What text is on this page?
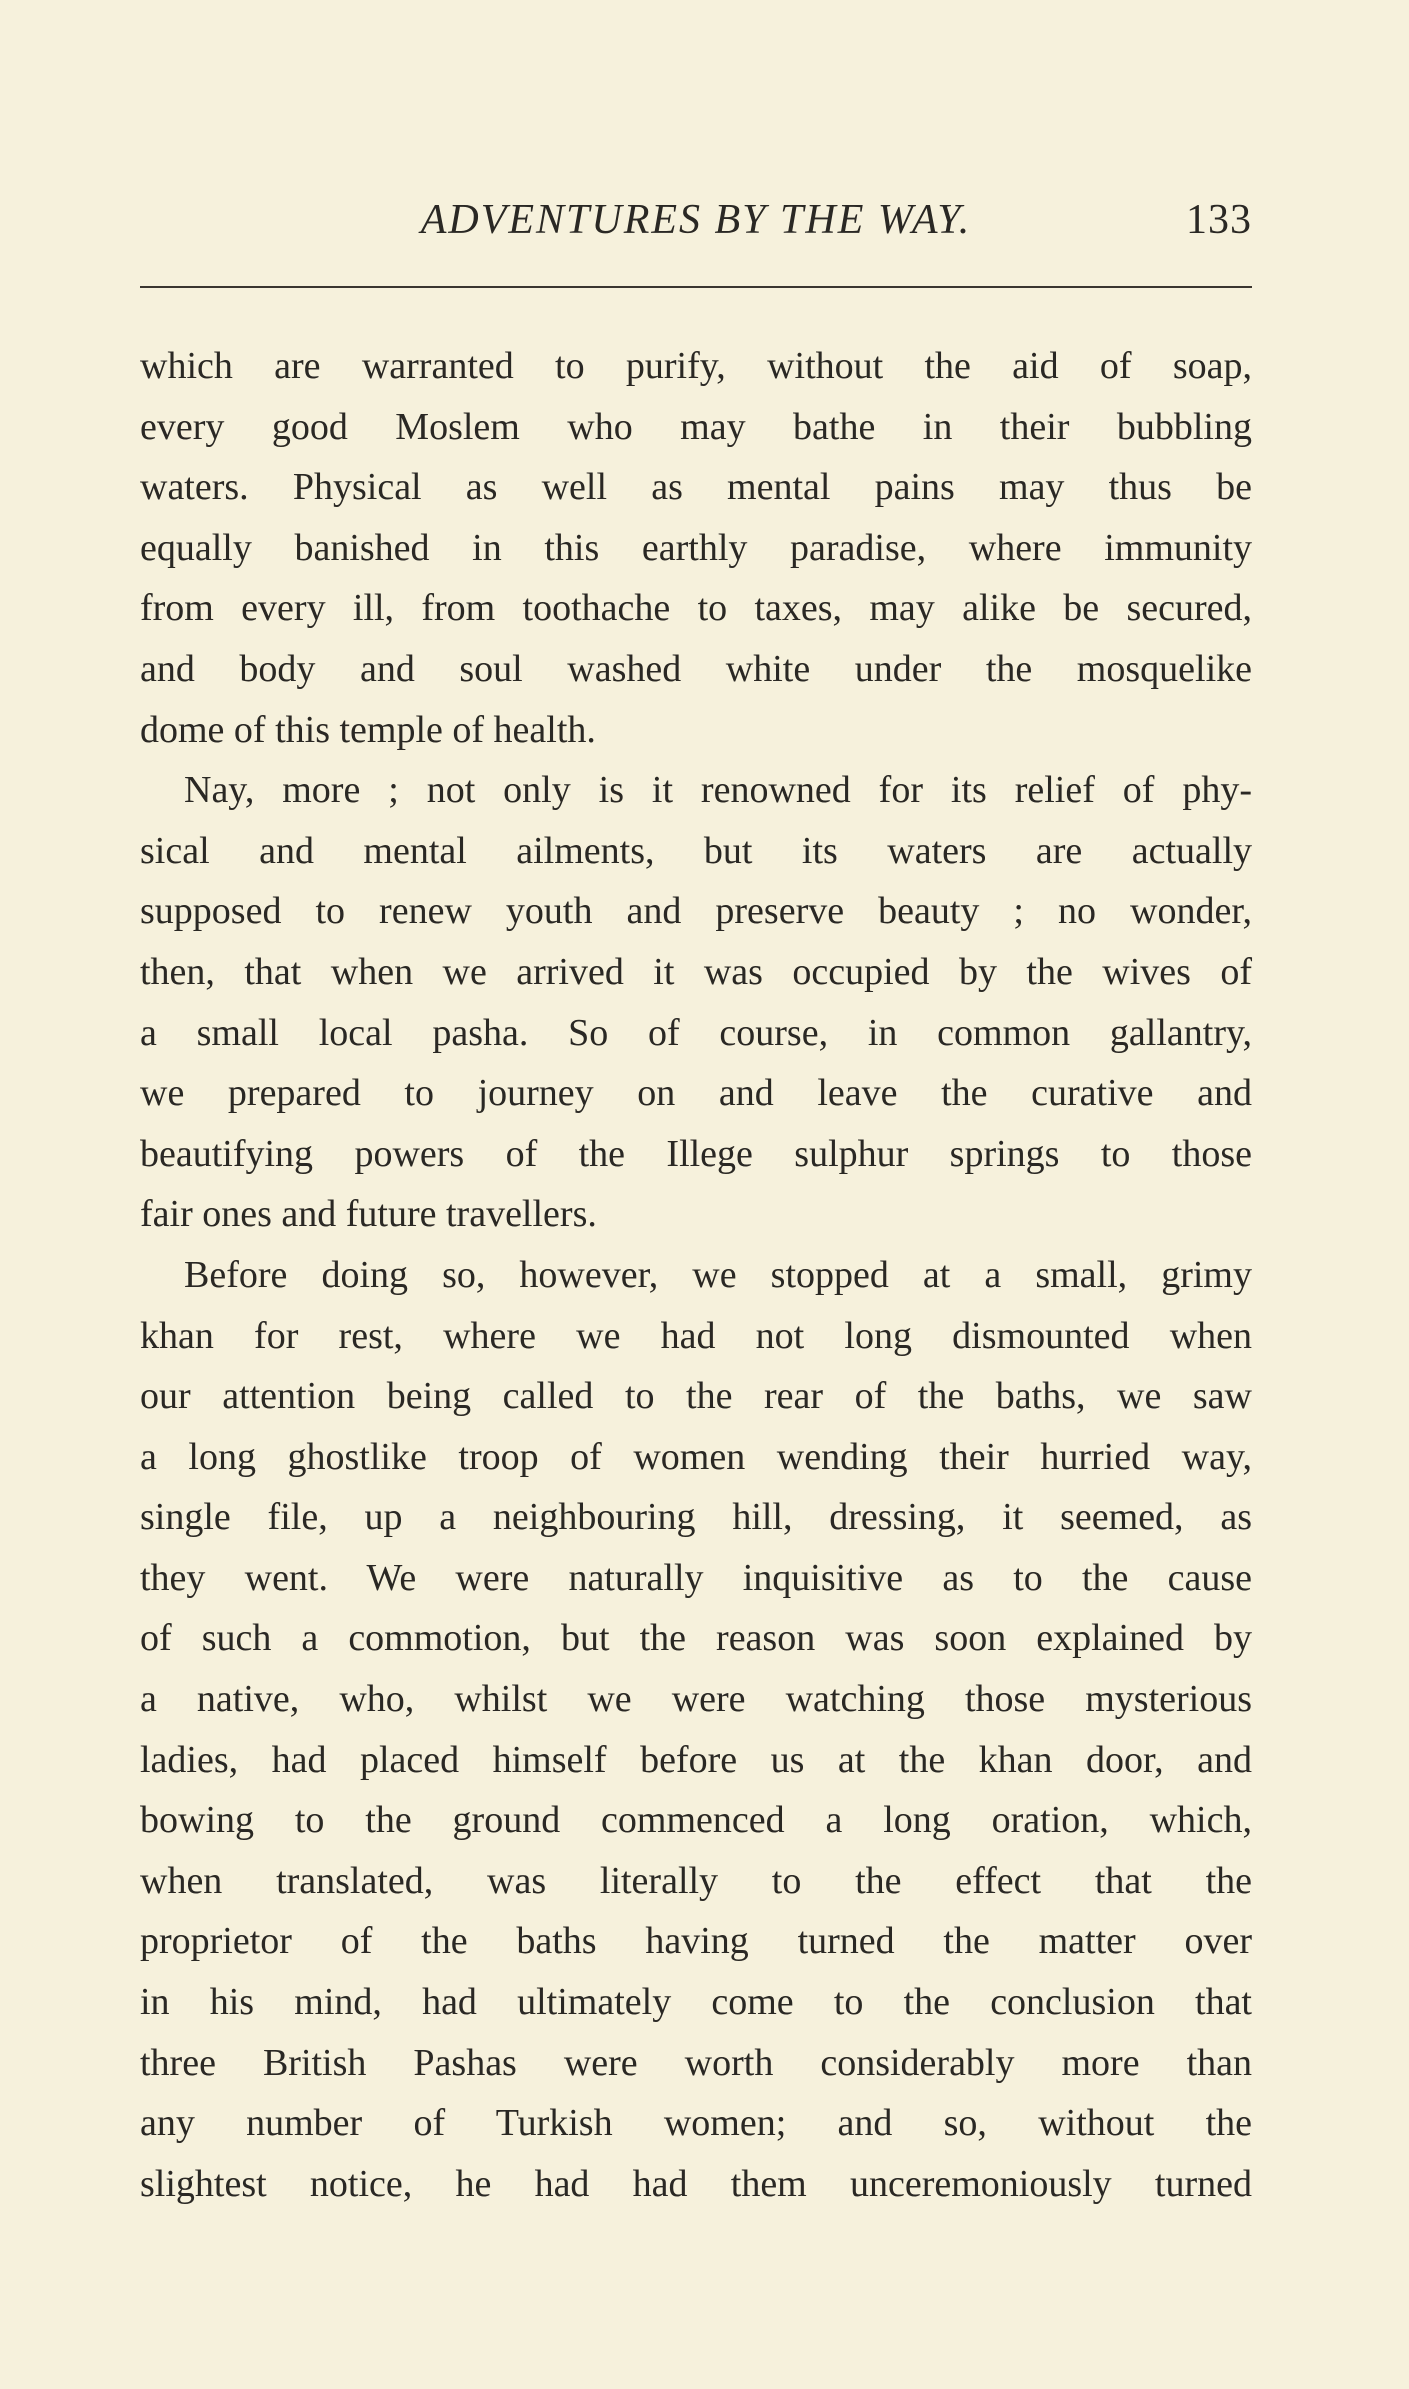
ADVENTURES BY THE WAY.	133
which are warranted to purify, without the aid of soap,
every good Moslem who may bathe in their bubbling
waters. Physical as well as mental pains may thus be
equally banished in this earthly paradise, where immunity
from every ill, from toothache to taxes, may alike be secured,
and body and soul washed white under the mosquelike
dome of this temple of health.
Nay, more ; not only is it renowned for its relief of phy-
sical and mental ailments, but its waters are actually
supposed to renew youth and preserve beauty ; no wonder,
then, that when we arrived it was occupied by the wives of
a small local pasha. So of course, in common gallantry,
we prepared to journey on and leave the curative and
beautifying powers of the Illege sulphur springs to those
fair ones and future travellers.
Before doing so, however, we stopped at a small, grimy
khan for rest, where we had not long dismounted when
our attention being called to the rear of the baths, we saw
a long ghostlike troop of women wending their hurried way,
single file, up a neighbouring hill, dressing, it seemed, as
they went. We were naturally inquisitive as to the cause
of such a commotion, but the reason was soon explained by
a native, who, whilst we were watching those mysterious
ladies, had placed himself before us at the khan door, and
bowing to the ground commenced a long oration, which,
when translated, was literally to the effect that the
proprietor of the baths having turned the matter over
in his mind, had ultimately come to the conclusion that
three British Pashas were worth considerably more than
any number of Turkish women; and so, without the
slightest notice, he had had them unceremoniously turned
